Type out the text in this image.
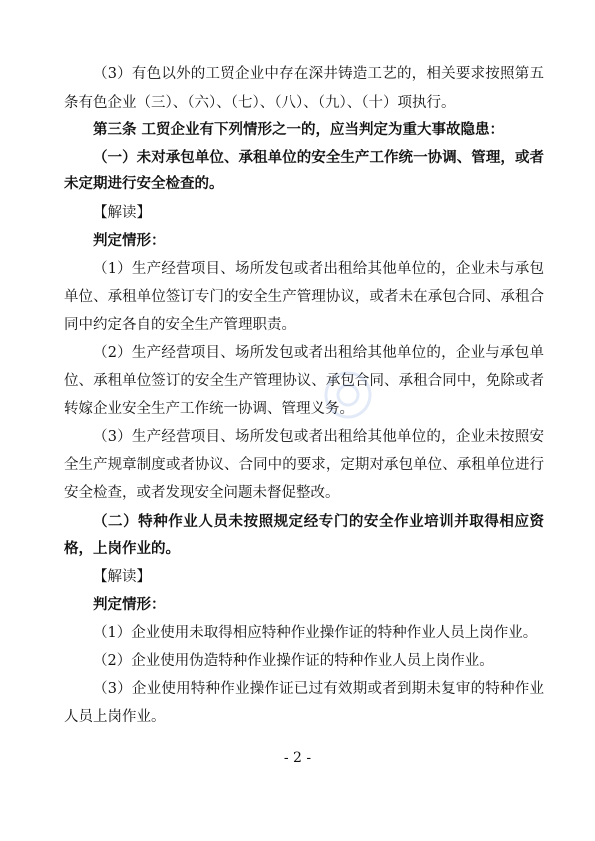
（3）有色以外的工贸企业中存在深井铸造工艺的，相关要求按照第五
条有色企业（三）、（六）、（七）、（八）、（九）、（十）项执行。
第三条 工贸企业有下列情形之一的，应当判定为重大事故隐患：
（一）未对承包单位、承租单位的安全生产工作统一协调、管理，或者
未定期进行安全检查的。
【解读】
判定情形：
（1）生产经营项目、场所发包或者出租给其他单位的，企业未与承包
单位、承租单位签订专门的安全生产管理协议，或者未在承包合同、承租合
同中约定各自的安全生产管理职责。
（2）生产经营项目、场所发包或者出租给其他单位的，企业与承包单
位、承租单位签订的安全生产管理协议、承包合同、承租合同中，免除或者
转嫁企业安全生产工作统一协调、管理义务。
（3）生产经营项目、场所发包或者出租给其他单位的，企业未按照安
全生产规章制度或者协议、合同中的要求，定期对承包单位、承租单位进行
安全检查，或者发现安全问题未督促整改。
（二）特种作业人员未按照规定经专门的安全作业培训并取得相应资
格，上岗作业的。
【解读】
判定情形：
（1）企业使用未取得相应特种作业操作证的特种作业人员上岗作业。
（2）企业使用伪造特种作业操作证的特种作业人员上岗作业。
（3）企业使用特种作业操作证已过有效期或者到期未复审的特种作业
人员上岗作业。
- 2 -
